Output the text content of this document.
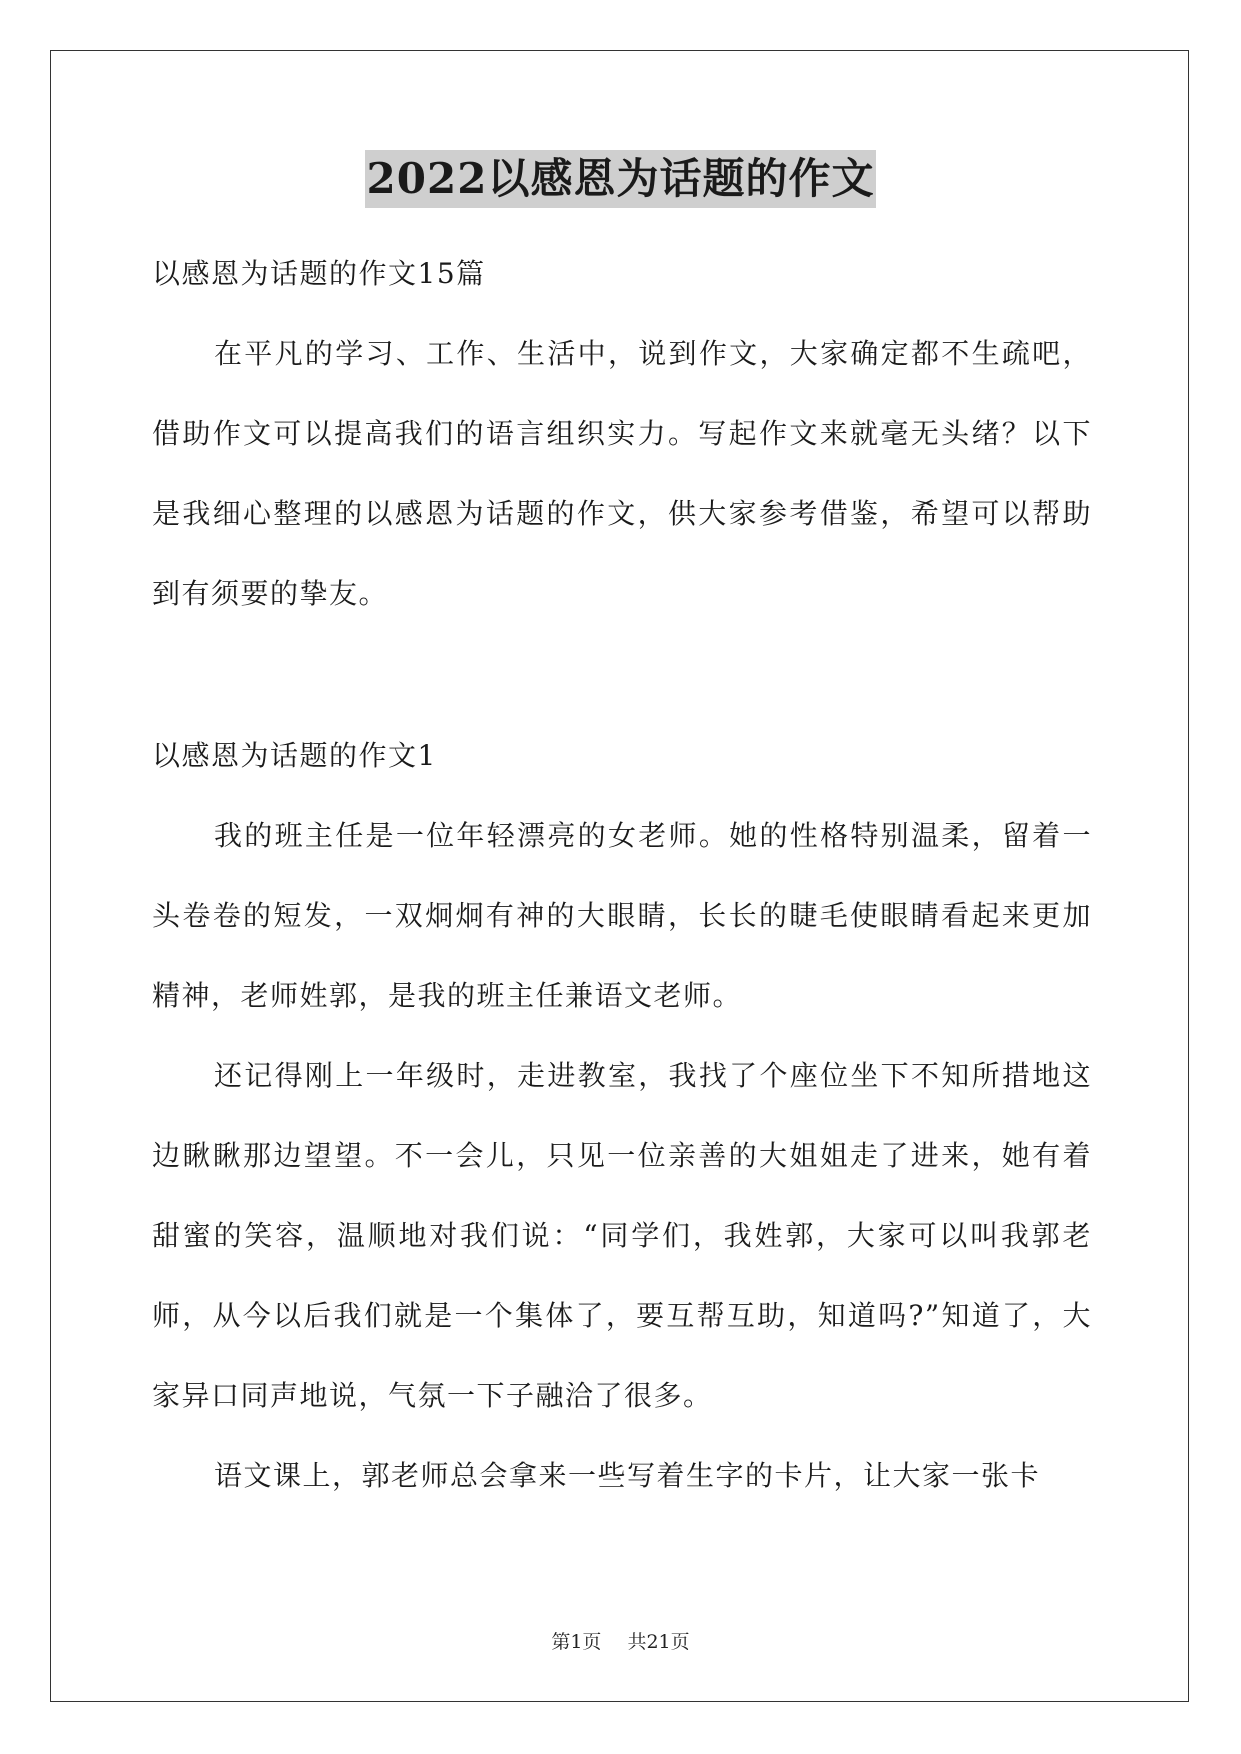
2022以感恩为话题的作文

以感恩为话题的作文15篇

在平凡的学习、工作、生活中，说到作文，大家确定都不生疏吧，借助作文可以提高我们的语言组织实力。写起作文来就毫无头绪？以下是我细心整理的以感恩为话题的作文，供大家参考借鉴，希望可以帮助到有须要的挚友。

以感恩为话题的作文1

我的班主任是一位年轻漂亮的女老师。她的性格特别温柔，留着一头卷卷的短发，一双炯炯有神的大眼睛，长长的睫毛使眼睛看起来更加精神，老师姓郭，是我的班主任兼语文老师。

还记得刚上一年级时，走进教室，我找了个座位坐下不知所措地这边瞅瞅那边望望。不一会儿，只见一位亲善的大姐姐走了进来，她有着甜蜜的笑容，温顺地对我们说：“同学们，我姓郭，大家可以叫我郭老师，从今以后我们就是一个集体了，要互帮互助，知道吗?”知道了，大家异口同声地说，气氛一下子融洽了很多。

语文课上，郭老师总会拿来一些写着生字的卡片，让大家一张卡

第1页 共21页
